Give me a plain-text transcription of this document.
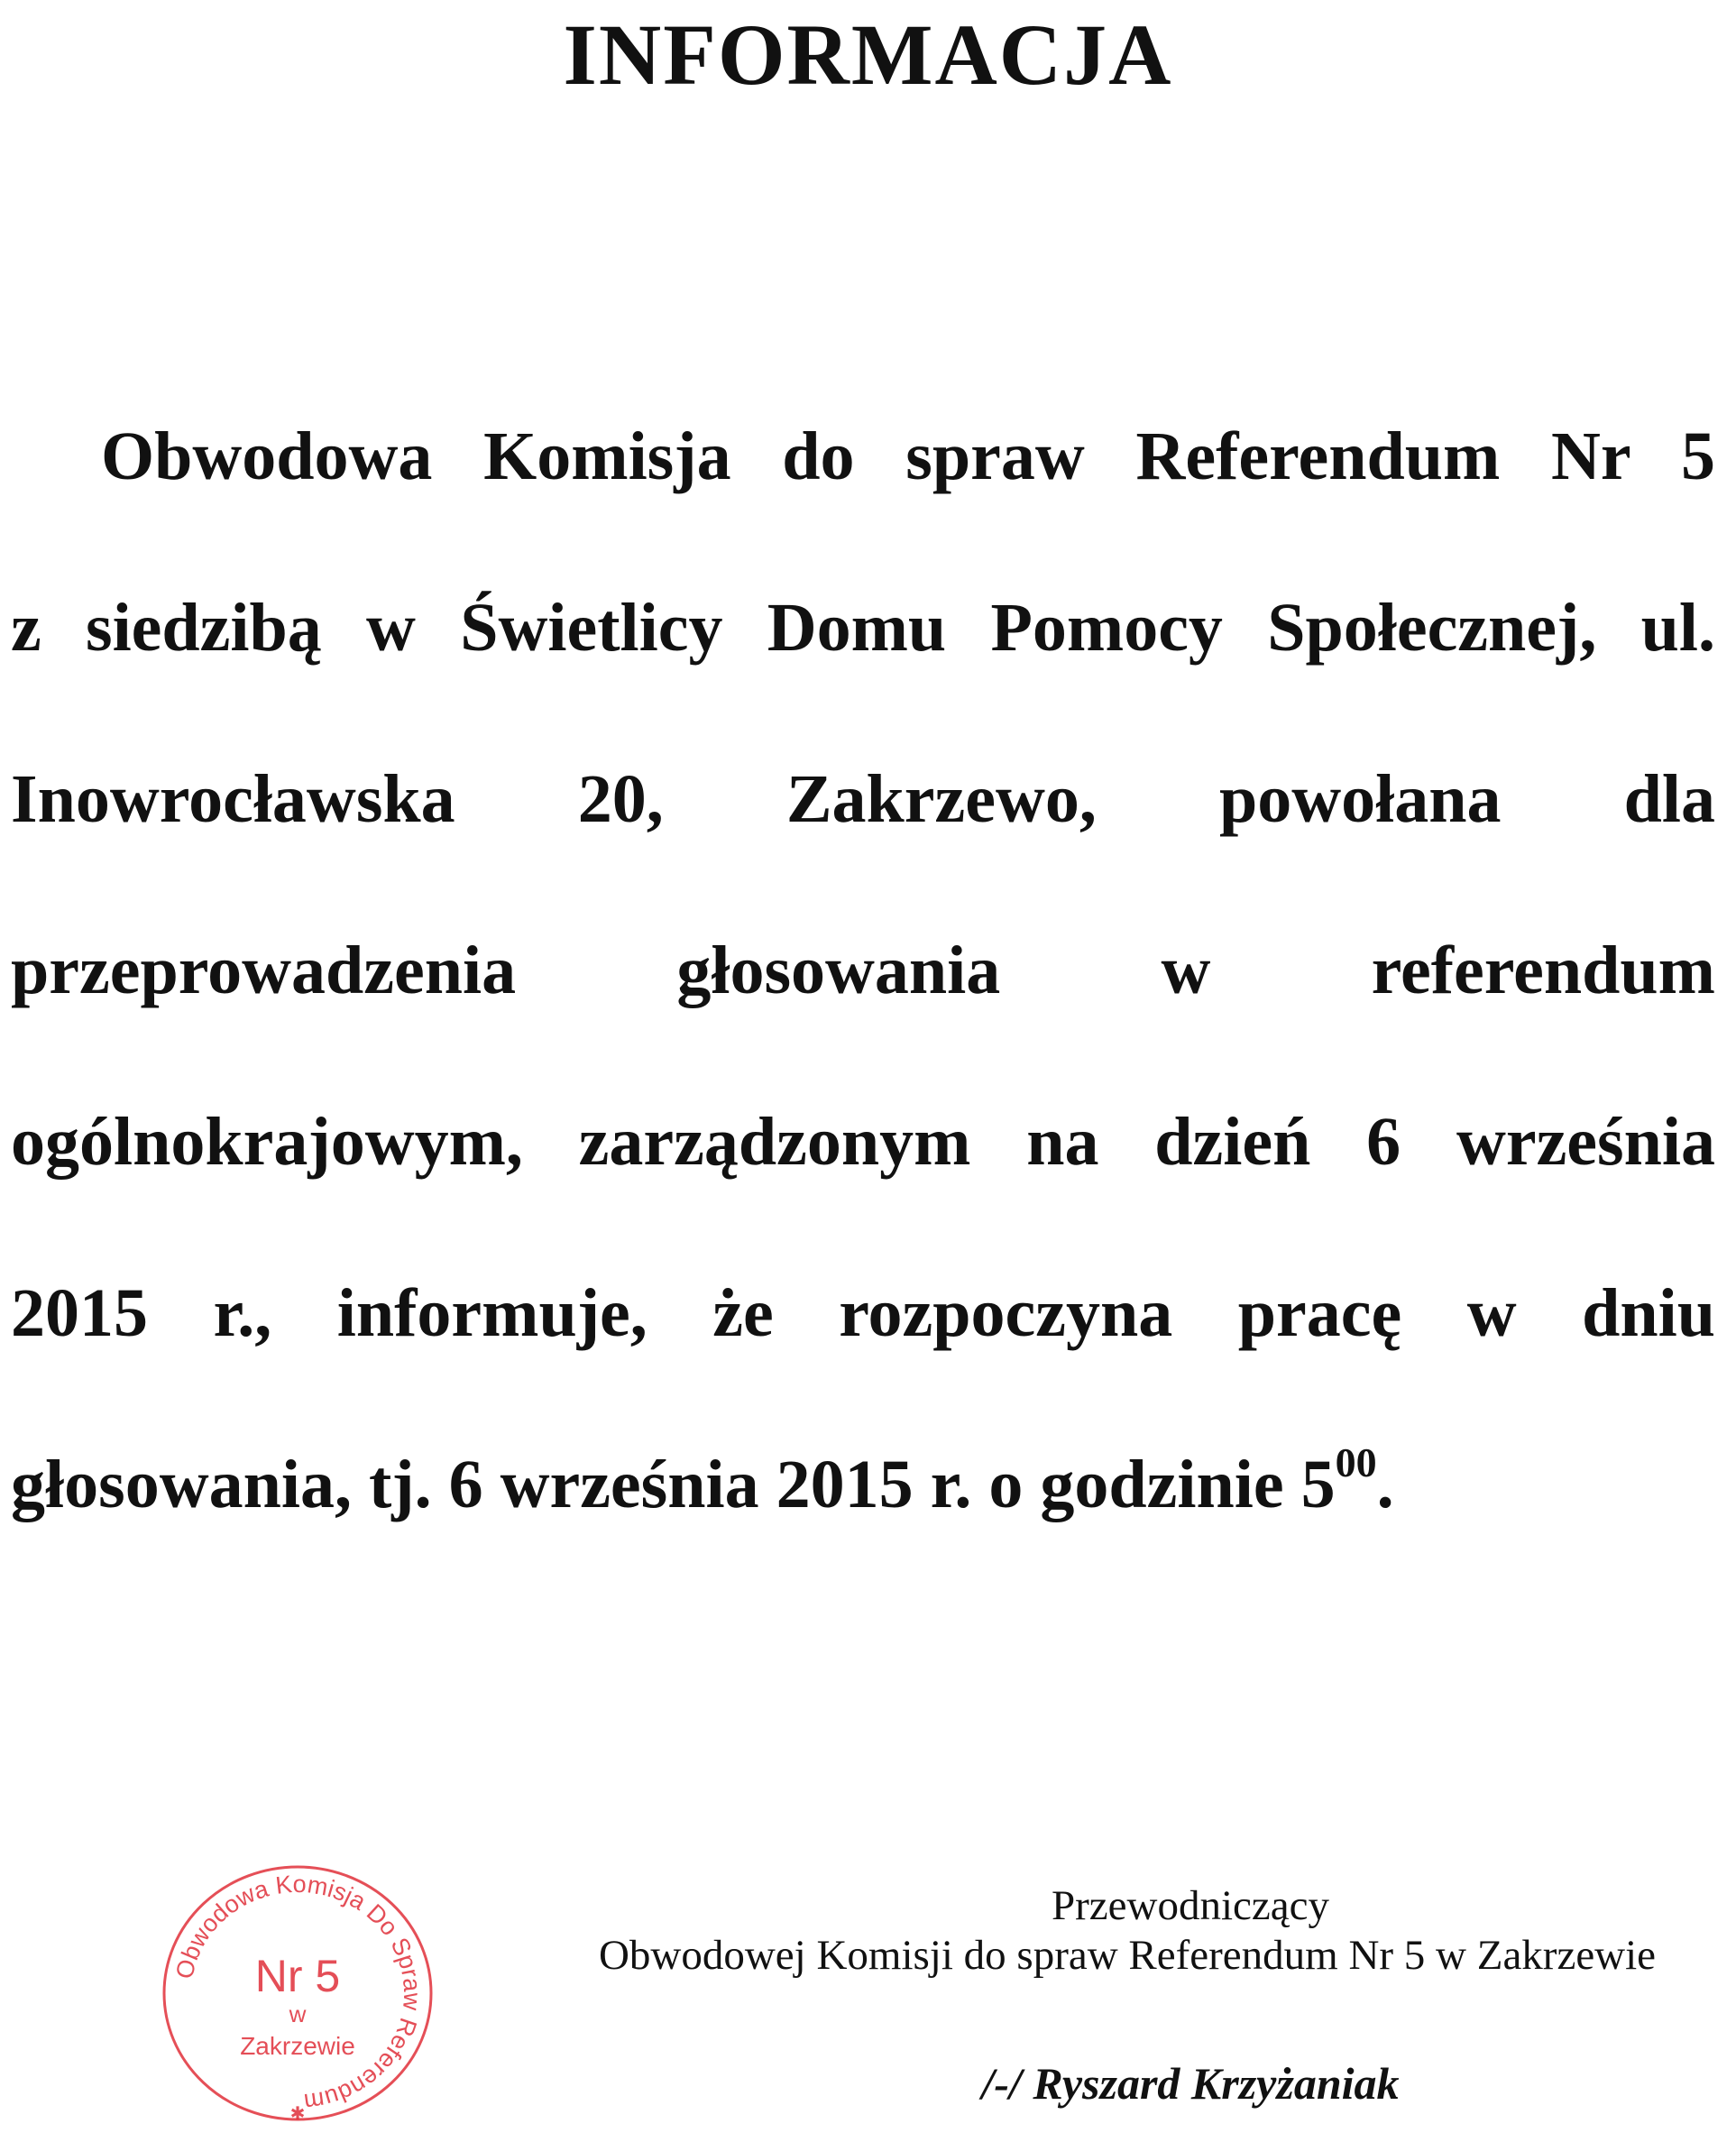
INFORMACJA
Obwodowa Komisja do spraw Referendum Nr 5
z siedzibą w Świetlicy Domu Pomocy Społecznej, ul.
Inowrocławska 20, Zakrzewo, powołana dla
przeprowadzenia głosowania w referendum
ogólnokrajowym, zarządzonym na dzień 6 września
2015 r., informuje, że rozpoczyna pracę w dniu
głosowania, tj. 6 września 2015 r. o godzinie $5^{00}$.
Obwodowa Komisja Do Spraw Referendum
Nr 5
w
Zakrzewie
✱
Przewodniczący
Obwodowej Komisji do spraw Referendum Nr 5 w Zakrzewie
/-/ Ryszard Krzyżaniak
